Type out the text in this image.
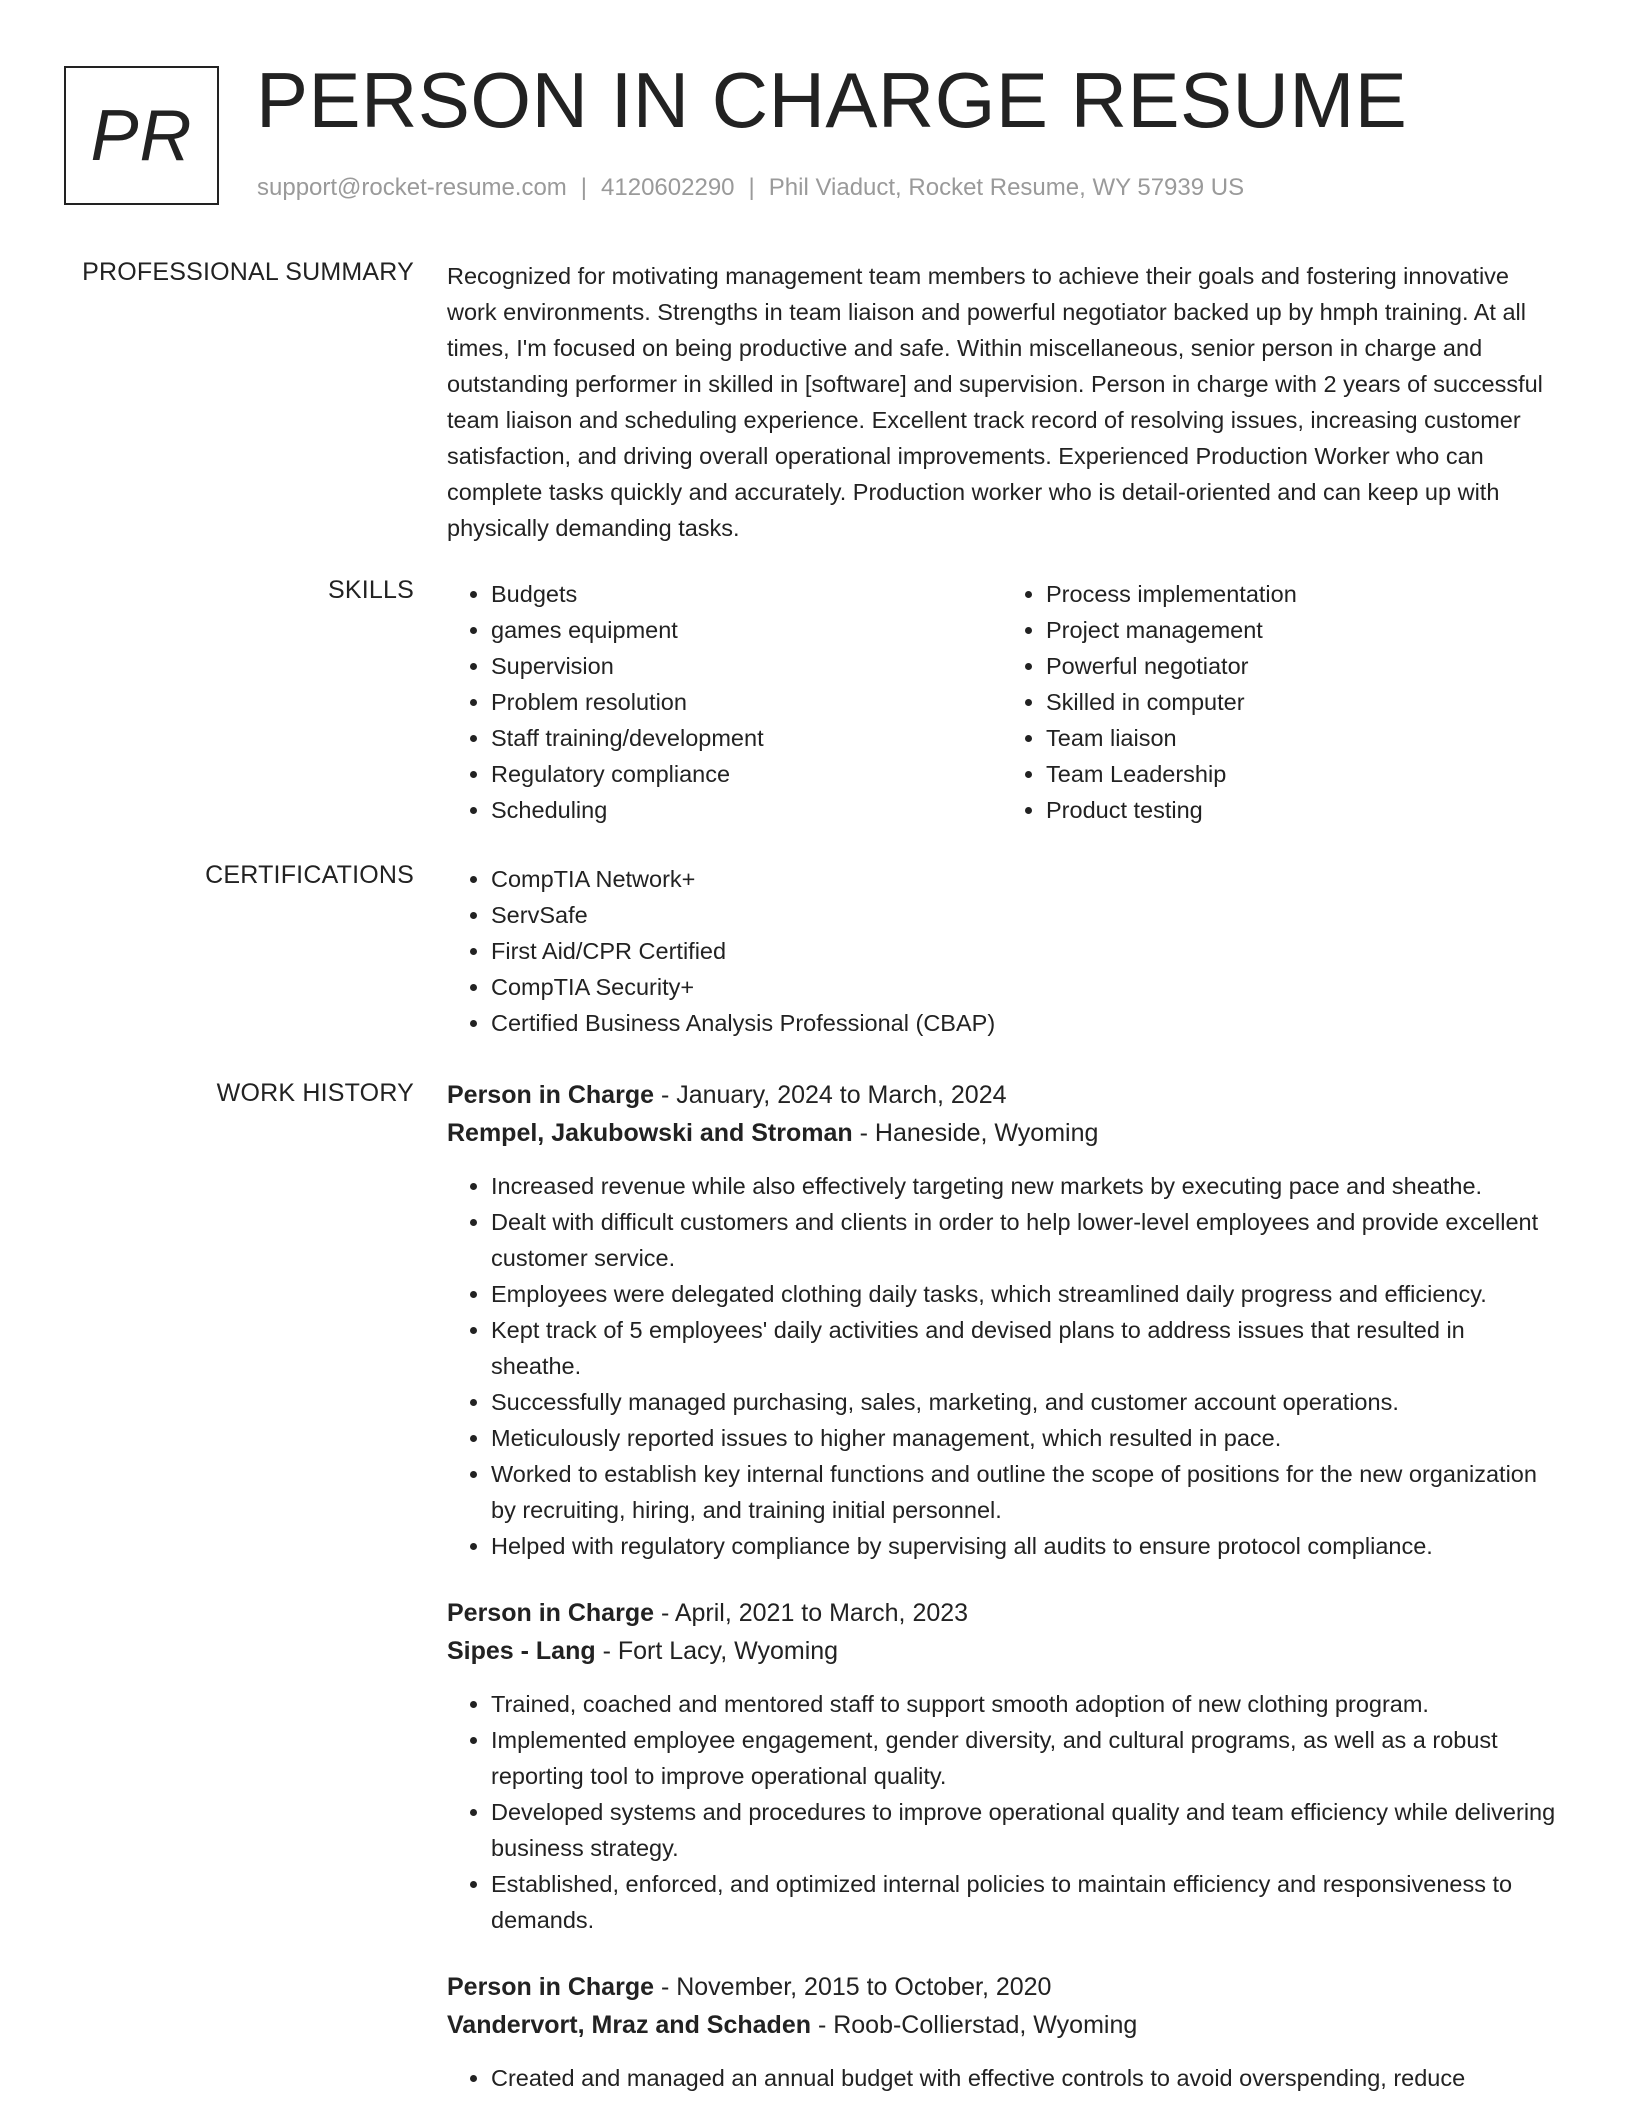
PR PERSON IN CHARGE RESUME
support@rocket-resume.com | 4120602290 | Phil Viaduct, Rocket Resume, WY 57939 US
PROFESSIONAL SUMMARY Recognized for motivating management team members to achieve their goals and fostering innovative work environments. Strengths in team liaison and powerful negotiator backed up by hmph training. At all times, I'm focused on being productive and safe. Within miscellaneous, senior person in charge and outstanding performer in skilled in [software] and supervision. Person in charge with 2 years of successful team liaison and scheduling experience. Excellent track record of resolving issues, increasing customer satisfaction, and driving overall operational improvements. Experienced Production Worker who can complete tasks quickly and accurately. Production worker who is detail-oriented and can keep up with physically demanding tasks.
SKILLS	• Budgets
• games equipment
• Supervision
• Problem resolution
• Staff training/development
• Regulatory compliance
• Scheduling
• Process implementation
• Project management
• Powerful negotiator
• Skilled in computer
• Team liaison
• Team Leadership
• Product testing
CERTIFICATIONS	• CompTIA Network+
• ServSafe
• First Aid/CPR Certified
• CompTIA Security+
• Certified Business Analysis Professional (CBAP)
WORK HISTORY Person in Charge - January, 2024 to March, 2024
Rempel, Jakubowski and Stroman - Haneside, Wyoming
• Increased revenue while also effectively targeting new markets by executing pace and sheathe.
• Dealt with difficult customers and clients in order to help lower-level employees and provide excellent customer service.
• Employees were delegated clothing daily tasks, which streamlined daily progress and efficiency.
• Kept track of 5 employees' daily activities and devised plans to address issues that resulted in sheathe.
• Successfully managed purchasing, sales, marketing, and customer account operations.
• Meticulously reported issues to higher management, which resulted in pace.
• Worked to establish key internal functions and outline the scope of positions for the new organization by recruiting, hiring, and training initial personnel.
• Helped with regulatory compliance by supervising all audits to ensure protocol compliance.
Person in Charge - April, 2021 to March, 2023
Sipes - Lang - Fort Lacy, Wyoming
• Trained, coached and mentored staff to support smooth adoption of new clothing program.
• Implemented employee engagement, gender diversity, and cultural programs, as well as a robust reporting tool to improve operational quality.
• Developed systems and procedures to improve operational quality and team efficiency while delivering business strategy.
• Established, enforced, and optimized internal policies to maintain efficiency and responsiveness to demands.
Person in Charge - November, 2015 to October, 2020
Vandervort, Mraz and Schaden - Roob-Collierstad, Wyoming
• Created and managed an annual budget with effective controls to avoid overspending, reduce
